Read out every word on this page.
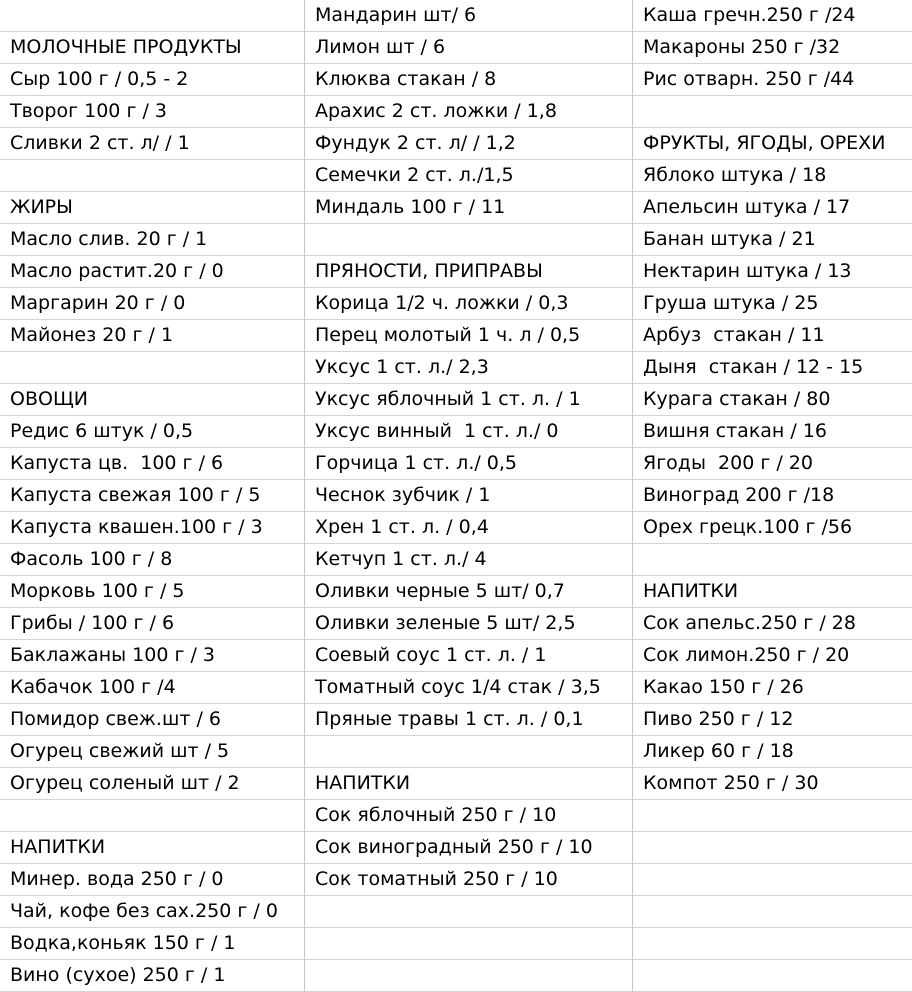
МОЛОЧНЫЕ ПРОДУКТЫ
Сыр 100 г / 0,5 - 2
Творог 100 г / 3
Сливки 2 ст. л/ / 1
ЖИРЫ
Масло слив. 20 г / 1
Масло растит.20 г / 0
Маргарин 20 г / 0
Майонез 20 г / 1
ОВОЩИ
Редис 6 штук / 0,5
Капуста цв.  100 г / 6
Капуста свежая 100 г / 5
Капуста квашен.100 г / 3
Фасоль 100 г / 8
Морковь 100 г / 5
Грибы / 100 г / 6
Баклажаны 100 г / 3
Кабачок 100 г /4
Помидор свеж.шт / 6
Огурец свежий шт / 5
Огурец соленый шт / 2
НАПИТКИ
Минер. вода 250 г / 0
Чай, кофе без сах.250 г / 0
Водка,коньяк 150 г / 1
Вино (сухое) 250 г / 1
Мандарин шт/ 6
Лимон шт / 6
Клюква стакан / 8
Арахис 2 ст. ложки / 1,8
Фундук 2 ст. л/ / 1,2
Семечки 2 ст. л./1,5
Миндаль 100 г / 11
ПРЯНОСТИ, ПРИПРАВЫ
Корица 1/2 ч. ложки / 0,3
Перец молотый 1 ч. л / 0,5
Уксус 1 ст. л./ 2,3
Уксус яблочный 1 ст. л. / 1
Уксус винный  1 ст. л./ 0
Горчица 1 ст. л./ 0,5
Чеснок зубчик / 1
Хрен 1 ст. л. / 0,4
Кетчуп 1 ст. л./ 4
Оливки черные 5 шт/ 0,7
Оливки зеленые 5 шт/ 2,5
Соевый соус 1 ст. л. / 1
Томатный соус 1/4 стак / 3,5
Пряные травы 1 ст. л. / 0,1
НАПИТКИ
Сок яблочный 250 г / 10
Сок виноградный 250 г / 10
Сок томатный 250 г / 10
Каша гречн.250 г /24
Макароны 250 г /32
Рис отварн. 250 г /44
ФРУКТЫ, ЯГОДЫ, ОРЕХИ
Яблоко штука / 18
Апельсин штука / 17
Банан штука / 21
Нектарин штука / 13
Груша штука / 25
Арбуз  стакан / 11
Дыня  стакан / 12 - 15
Курага стакан / 80
Вишня стакан / 16
Ягоды  200 г / 20
Виноград 200 г /18
Орех грецк.100 г /56
НАПИТКИ
Сок апельс.250 г / 28
Сок лимон.250 г / 20
Какао 150 г / 26
Пиво 250 г / 12
Ликер 60 г / 18
Компот 250 г / 30
